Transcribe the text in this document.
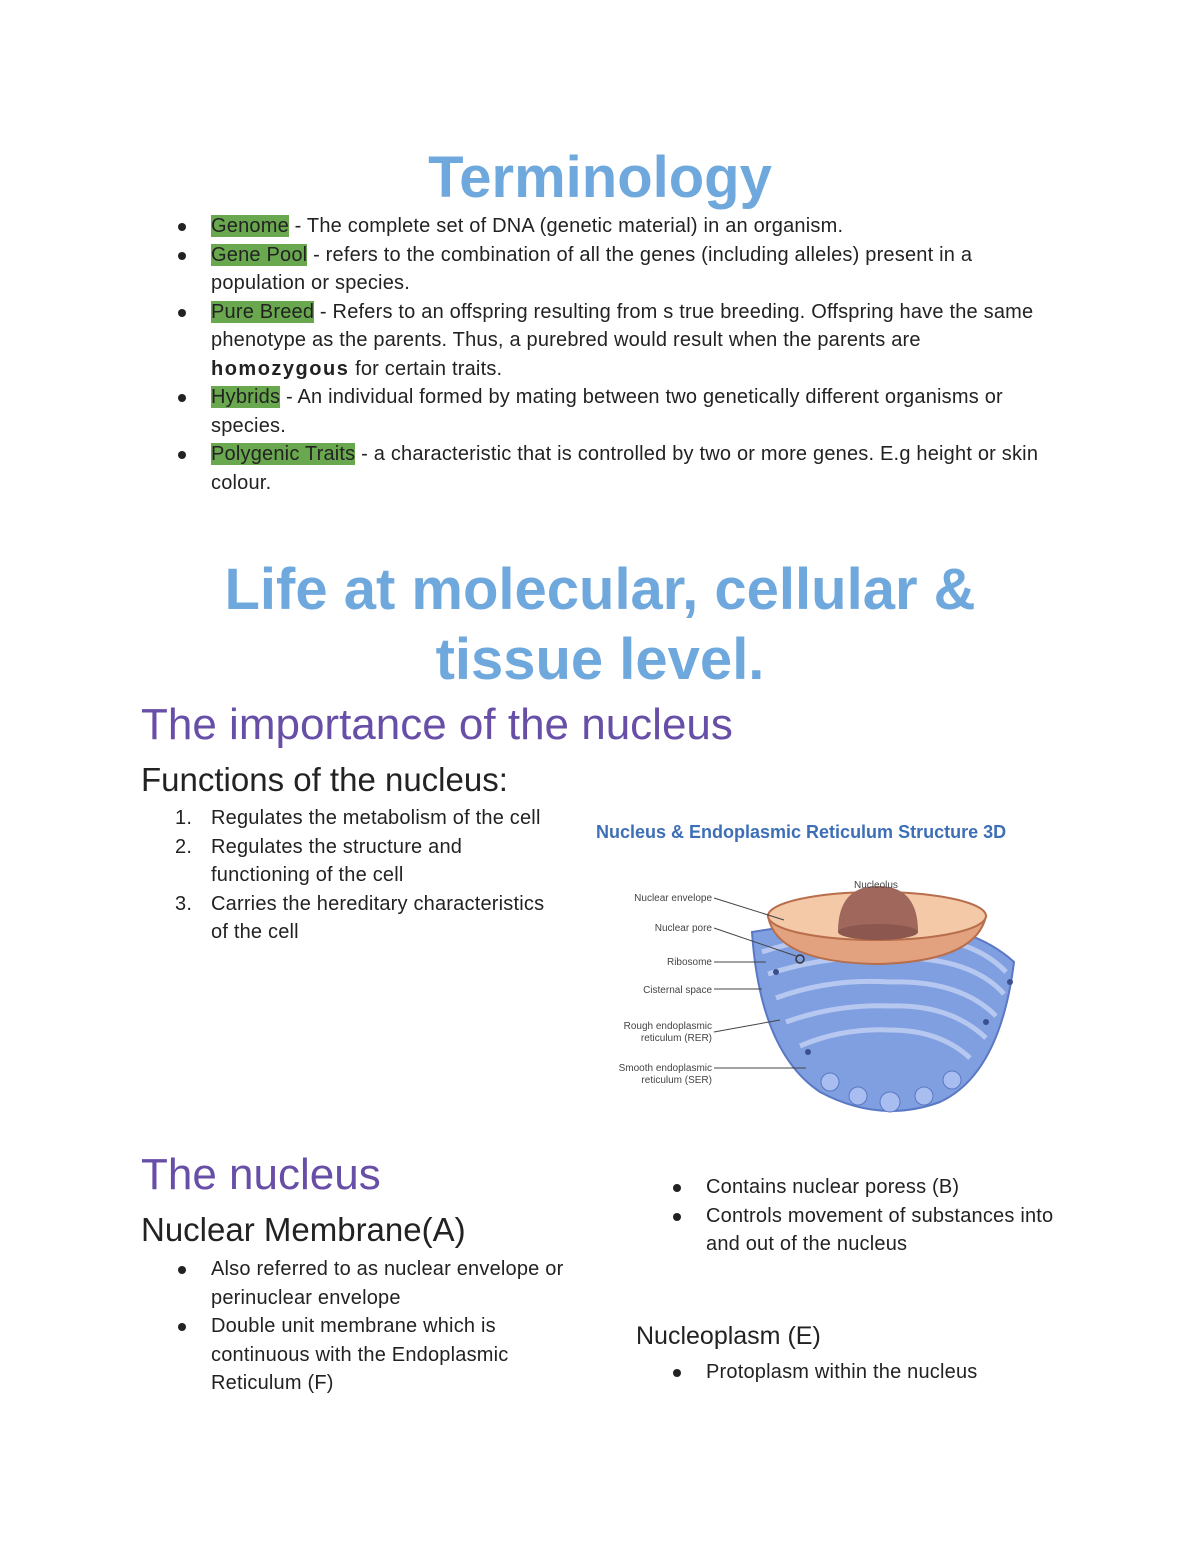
Terminology
Genome - The complete set of DNA (genetic material) in an organism.
Gene Pool - refers to the combination of all the genes (including alleles) present in a population or species.
Pure Breed - Refers to an offspring resulting from s true breeding. Offspring have the same phenotype as the parents. Thus, a purebred would result when the parents are homozygous for certain traits.
Hybrids - An individual formed by mating between two genetically different organisms or species.
Polygenic Traits - a characteristic that is controlled by two or more genes. E.g height or skin colour.
Life at molecular, cellular &
tissue level.
The importance of the nucleus
Functions of the nucleus:
1. Regulates the metabolism of the cell
2. Regulates the structure and functioning of the cell
3. Carries the hereditary characteristics of the cell
Nucleus & Endoplasmic Reticulum Structure 3D
Nucleolus
Nuclear envelope
Nuclear pore
Ribosome
Cisternal space
Rough endoplasmic
reticulum (RER)
Smooth endoplasmic
reticulum (SER)
The nucleus
Nuclear Membrane(A)
Also referred to as nuclear envelope or perinuclear envelope
Double unit membrane which is continuous with the Endoplasmic Reticulum (F)
Contains nuclear poress (B)
Controls movement of substances into and out of the nucleus
Nucleoplasm (E)
Protoplasm within the nucleus
